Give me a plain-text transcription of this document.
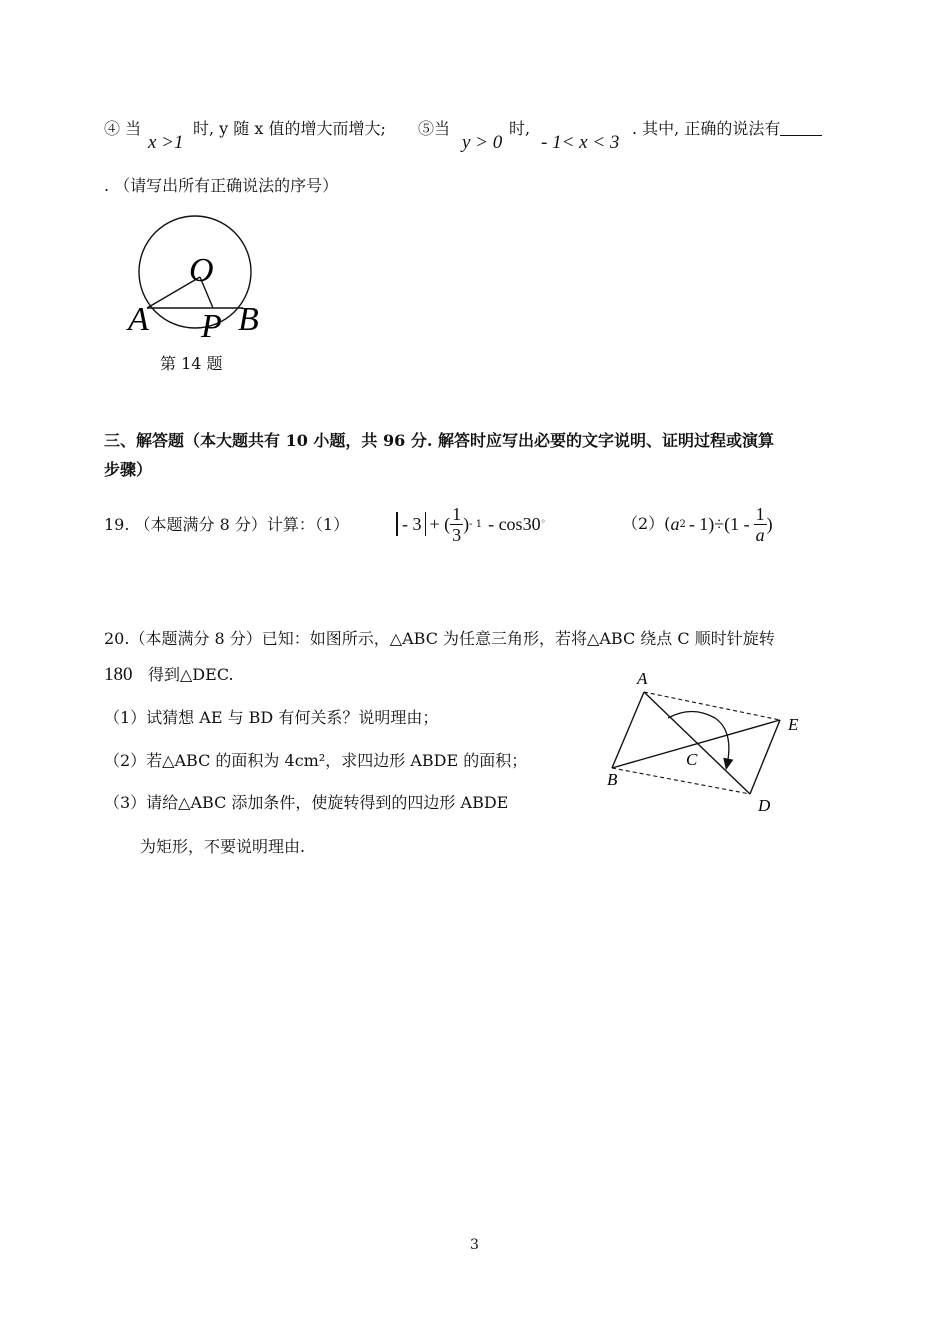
④ 当
x >1
时, y 随 x 值的增大而增大; ⑤当
y > 0
时,
- 1< x < 3
. 其中, 正确的说法有
. （请写出所有正确说法的序号）
O
A P B
第 14 题
三、解答题（本大题共有 10 小题，共 96 分. 解答时应写出必要的文字说明、证明过程或演算
步骤）
19. （本题满分 8 分）计算：（1）	- 3 + ( $\frac{1}{3}$ ) - 1 - cos30 °	（2）( a $2 - 1)\div(1 - \frac{1}{a}$ )
20.（本题满分 8 分）已知：如图所示，△ABC 为任意三角形，若将△ABC 绕点 C 顺时针旋转
180 得到△DEC.
（1）试猜想 AE 与 BD 有何关系？说明理由；
（2）若△ABC 的面积为 4cm²，求四边形 ABDE 的面积；
（3）请给△ABC 添加条件，使旋转得到的四边形 ABDE
为矩形，不要说明理由.
A
B
C
D
E
3
